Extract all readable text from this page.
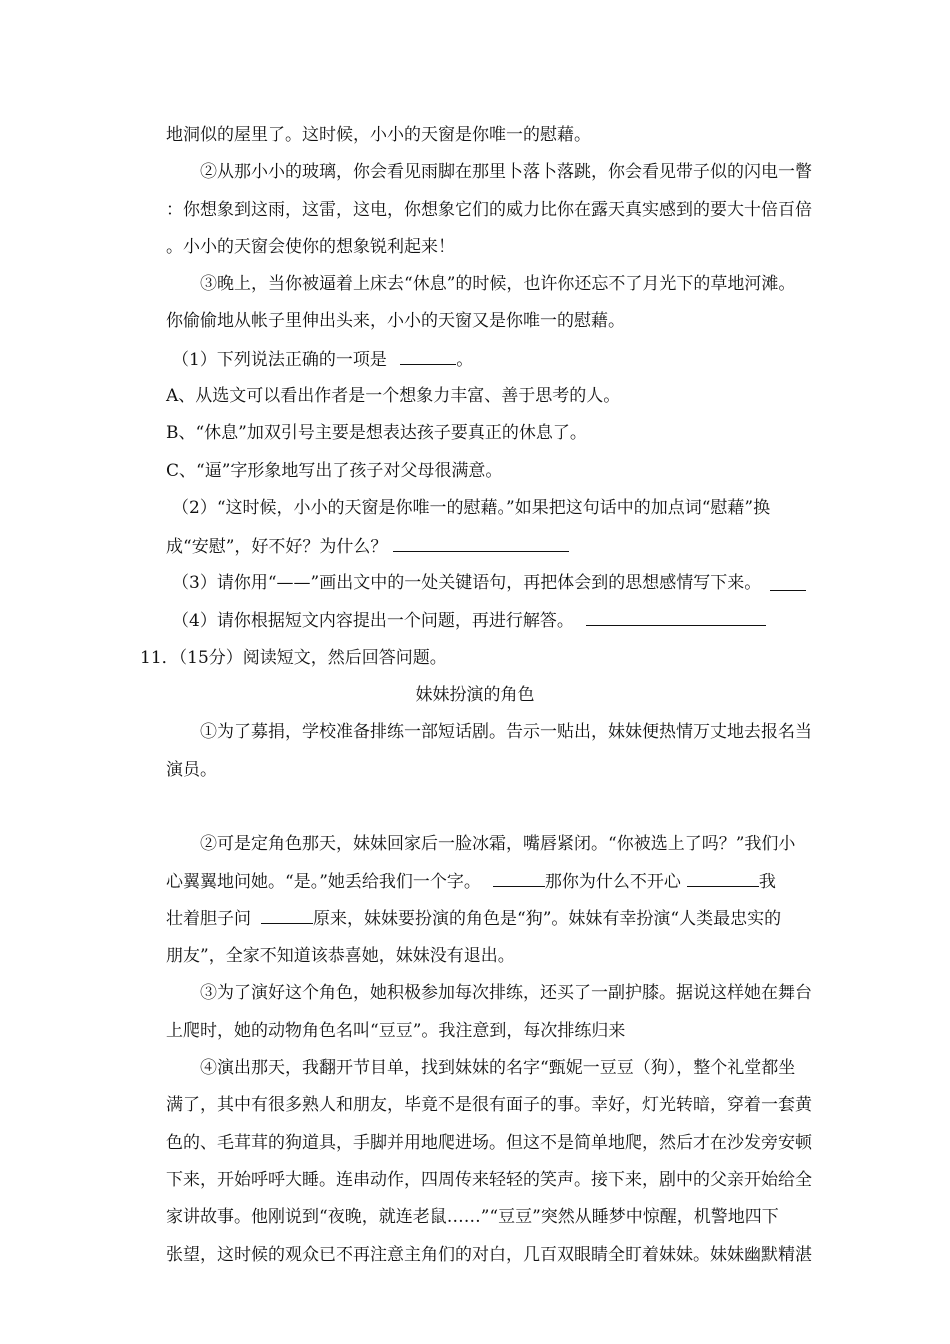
地洞似的屋里了。这时候，小小的天窗是你唯一的慰藉。
②从那小小的玻璃，你会看见雨脚在那里卜落卜落跳，你会看见带子似的闪电一瞥
：你想象到这雨，这雷，这电，你想象它们的威力比你在露天真实感到的要大十倍百倍
。小小的天窗会使你的想象锐利起来！
③晚上，当你被逼着上床去“休息”的时候，也许你还忘不了月光下的草地河滩。
你偷偷地从帐子里伸出头来，小小的天窗又是你唯一的慰藉。
（1）下列说法正确的一项是	。
A、从选文可以看出作者是一个想象力丰富、善于思考的人。
B、“休息”加双引号主要是想表达孩子要真正的休息了。
C、“逼”字形象地写出了孩子对父母很满意。
（2）“这时候，小小的天窗是你唯一的慰藉。”如果把这句话中的加点词“慰藉”换
成“安慰”，好不好？为什么？
（3）请你用“——”画出文中的一处关键语句，再把体会到的思想感情写下来。
（4）请你根据短文内容提出一个问题，再进行解答。
11．（15分）阅读短文，然后回答问题。
妹妹扮演的角色
①为了募捐，学校准备排练一部短话剧。告示一贴出，妹妹便热情万丈地去报名当
演员。
②可是定角色那天，妹妹回家后一脸冰霜，嘴唇紧闭。“你被选上了吗？”我们小
心翼翼地问她。“是。”她丢给我们一个字。	那你为什么不开心	我
壮着胆子问	原来，妹妹要扮演的角色是“狗”。妹妹有幸扮演“人类最忠实的
朋友”，全家不知道该恭喜她，妹妹没有退出。
③为了演好这个角色，她积极参加每次排练，还买了一副护膝。据说这样她在舞台
上爬时，她的动物角色名叫“豆豆”。我注意到，每次排练归来
④演出那天，我翻开节目单，找到妹妹的名字“甄妮一豆豆（狗），整个礼堂都坐
满了，其中有很多熟人和朋友，毕竟不是很有面子的事。幸好，灯光转暗，穿着一套黄
色的、毛茸茸的狗道具，手脚并用地爬进场。但这不是简单地爬，然后才在沙发旁安顿
下来，开始呼呼大睡。连串动作，四周传来轻轻的笑声。接下来，剧中的父亲开始给全
家讲故事。他刚说到“夜晚，就连老鼠……”“豆豆”突然从睡梦中惊醒，机警地四下
张望，这时候的观众已不再注意主角们的对白，几百双眼睛全盯着妹妹。妹妹幽默精湛
